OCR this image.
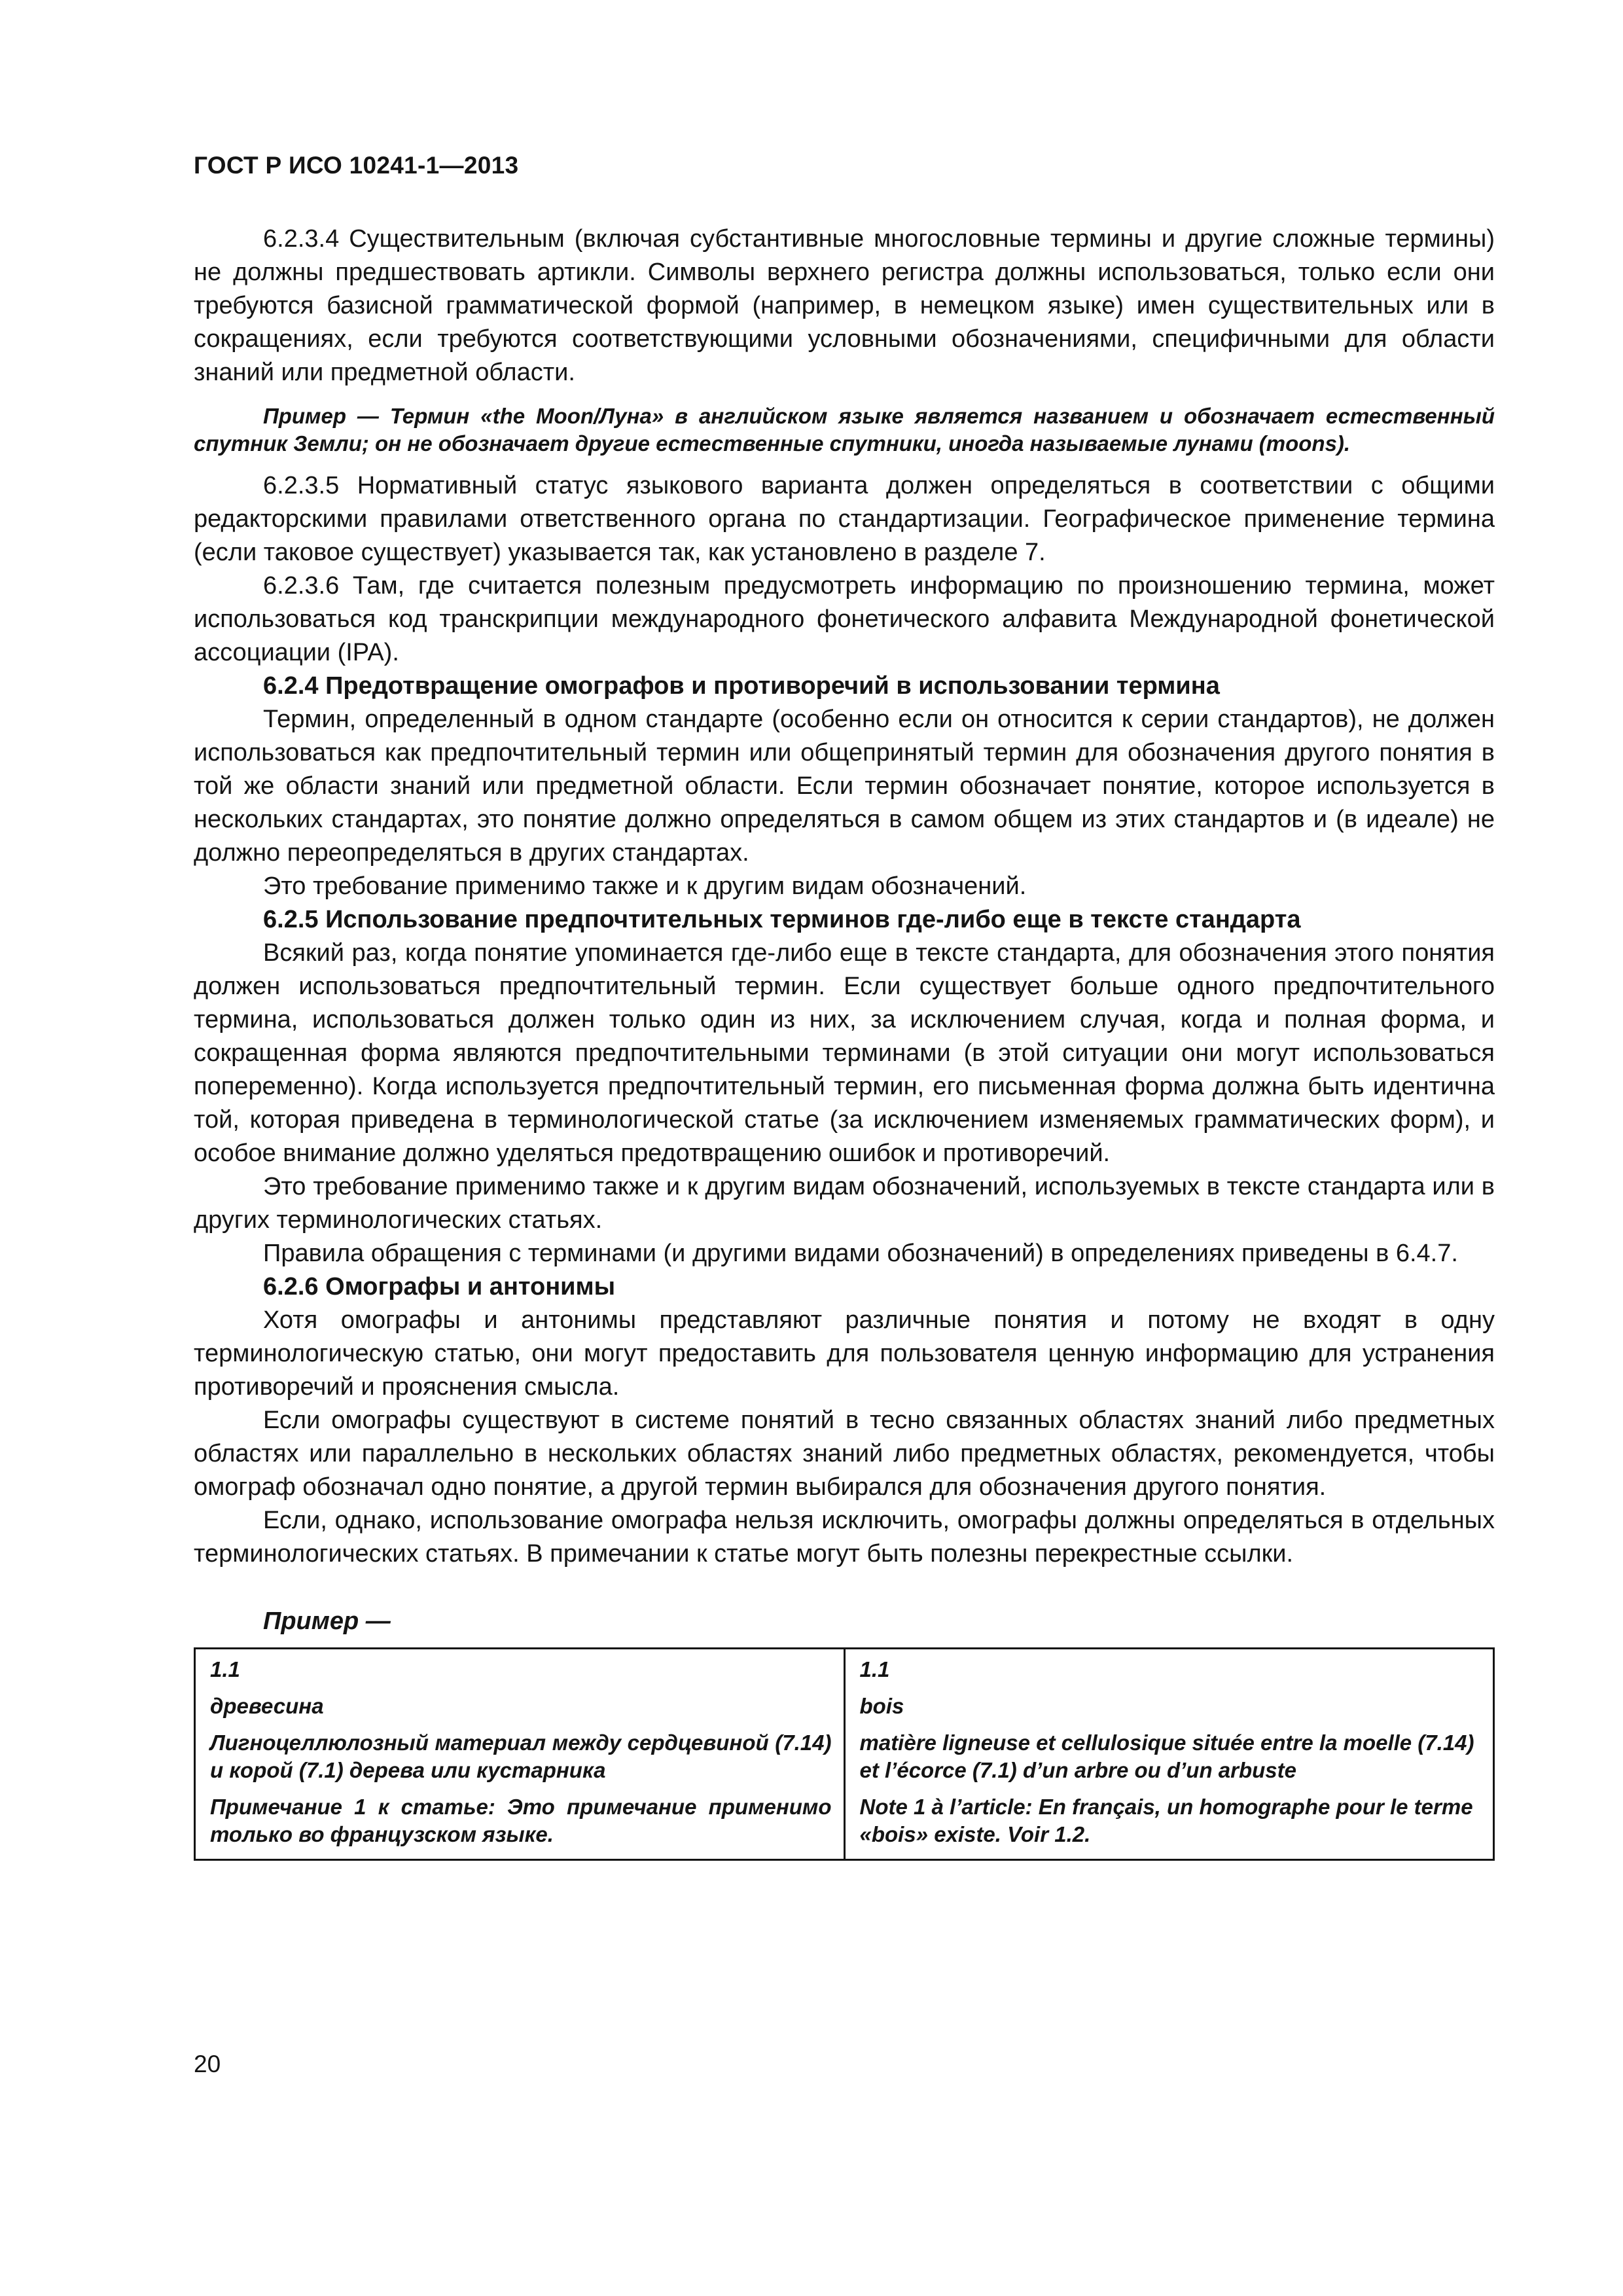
ГОСТ Р ИСО 10241-1—2013

6.2.3.4 Существительным (включая субстантивные многословные термины и другие сложные термины) не должны предшествовать артикли. Символы верхнего регистра должны использоваться, только если они требуются базисной грамматической формой (например, в немецком языке) имен существительных или в сокращениях, если требуются соответствующими условными обозначениями, специфичными для области знаний или предметной области.

Пример — Термин «the Moon/Луна» в английском языке является названием и обозначает естественный спутник Земли; он не обозначает другие естественные спутники, иногда называемые лунами (moons).

6.2.3.5 Нормативный статус языкового варианта должен определяться в соответствии с общими редакторскими правилами ответственного органа по стандартизации. Географическое применение термина (если таковое существует) указывается так, как установлено в разделе 7.

6.2.3.6 Там, где считается полезным предусмотреть информацию по произношению термина, может использоваться код транскрипции международного фонетического алфавита Международной фонетической ассоциации (IPA).

6.2.4 Предотвращение омографов и противоречий в использовании термина

Термин, определенный в одном стандарте (особенно если он относится к серии стандартов), не должен использоваться как предпочтительный термин или общепринятый термин для обозначения другого понятия в той же области знаний или предметной области. Если термин обозначает понятие, которое используется в нескольких стандартах, это понятие должно определяться в самом общем из этих стандартов и (в идеале) не должно переопределяться в других стандартах.

Это требование применимо также и к другим видам обозначений.

6.2.5 Использование предпочтительных терминов где-либо еще в тексте стандарта

Всякий раз, когда понятие упоминается где-либо еще в тексте стандарта, для обозначения этого понятия должен использоваться предпочтительный термин. Если существует больше одного предпочтительного термина, использоваться должен только один из них, за исключением случая, когда и полная форма, и сокращенная форма являются предпочтительными терминами (в этой ситуации они могут использоваться попеременно). Когда используется предпочтительный термин, его письменная форма должна быть идентична той, которая приведена в терминологической статье (за исключением изменяемых грамматических форм), и особое внимание должно уделяться предотвращению ошибок и противоречий.

Это требование применимо также и к другим видам обозначений, используемых в тексте стандарта или в других терминологических статьях.

Правила обращения с терминами (и другими видами обозначений) в определениях приведены в 6.4.7.

6.2.6 Омографы и антонимы

Хотя омографы и антонимы представляют различные понятия и потому не входят в одну терминологическую статью, они могут предоставить для пользователя ценную информацию для устранения противоречий и прояснения смысла.

Если омографы существуют в системе понятий в тесно связанных областях знаний либо предметных областях или параллельно в нескольких областях знаний либо предметных областях, рекомендуется, чтобы омограф обозначал одно понятие, а другой термин выбирался для обозначения другого понятия.

Если, однако, использование омографа нельзя исключить, омографы должны определяться в отдельных терминологических статьях. В примечании к статье могут быть полезны перекрестные ссылки.

Пример —

1.1
древесина
Лигноцеллюлозный материал между сердцевиной (7.14) и корой (7.1) дерева или кустарника
Примечание 1 к статье: Это примечание применимо только во французском языке.

1.1
bois
matière ligneuse et cellulosique située entre la moelle (7.14) et l’écorce (7.1) d’un arbre ou d’un arbuste
Note 1 à l’article: En français, un homographe pour le terme «bois» existe. Voir 1.2.
20
